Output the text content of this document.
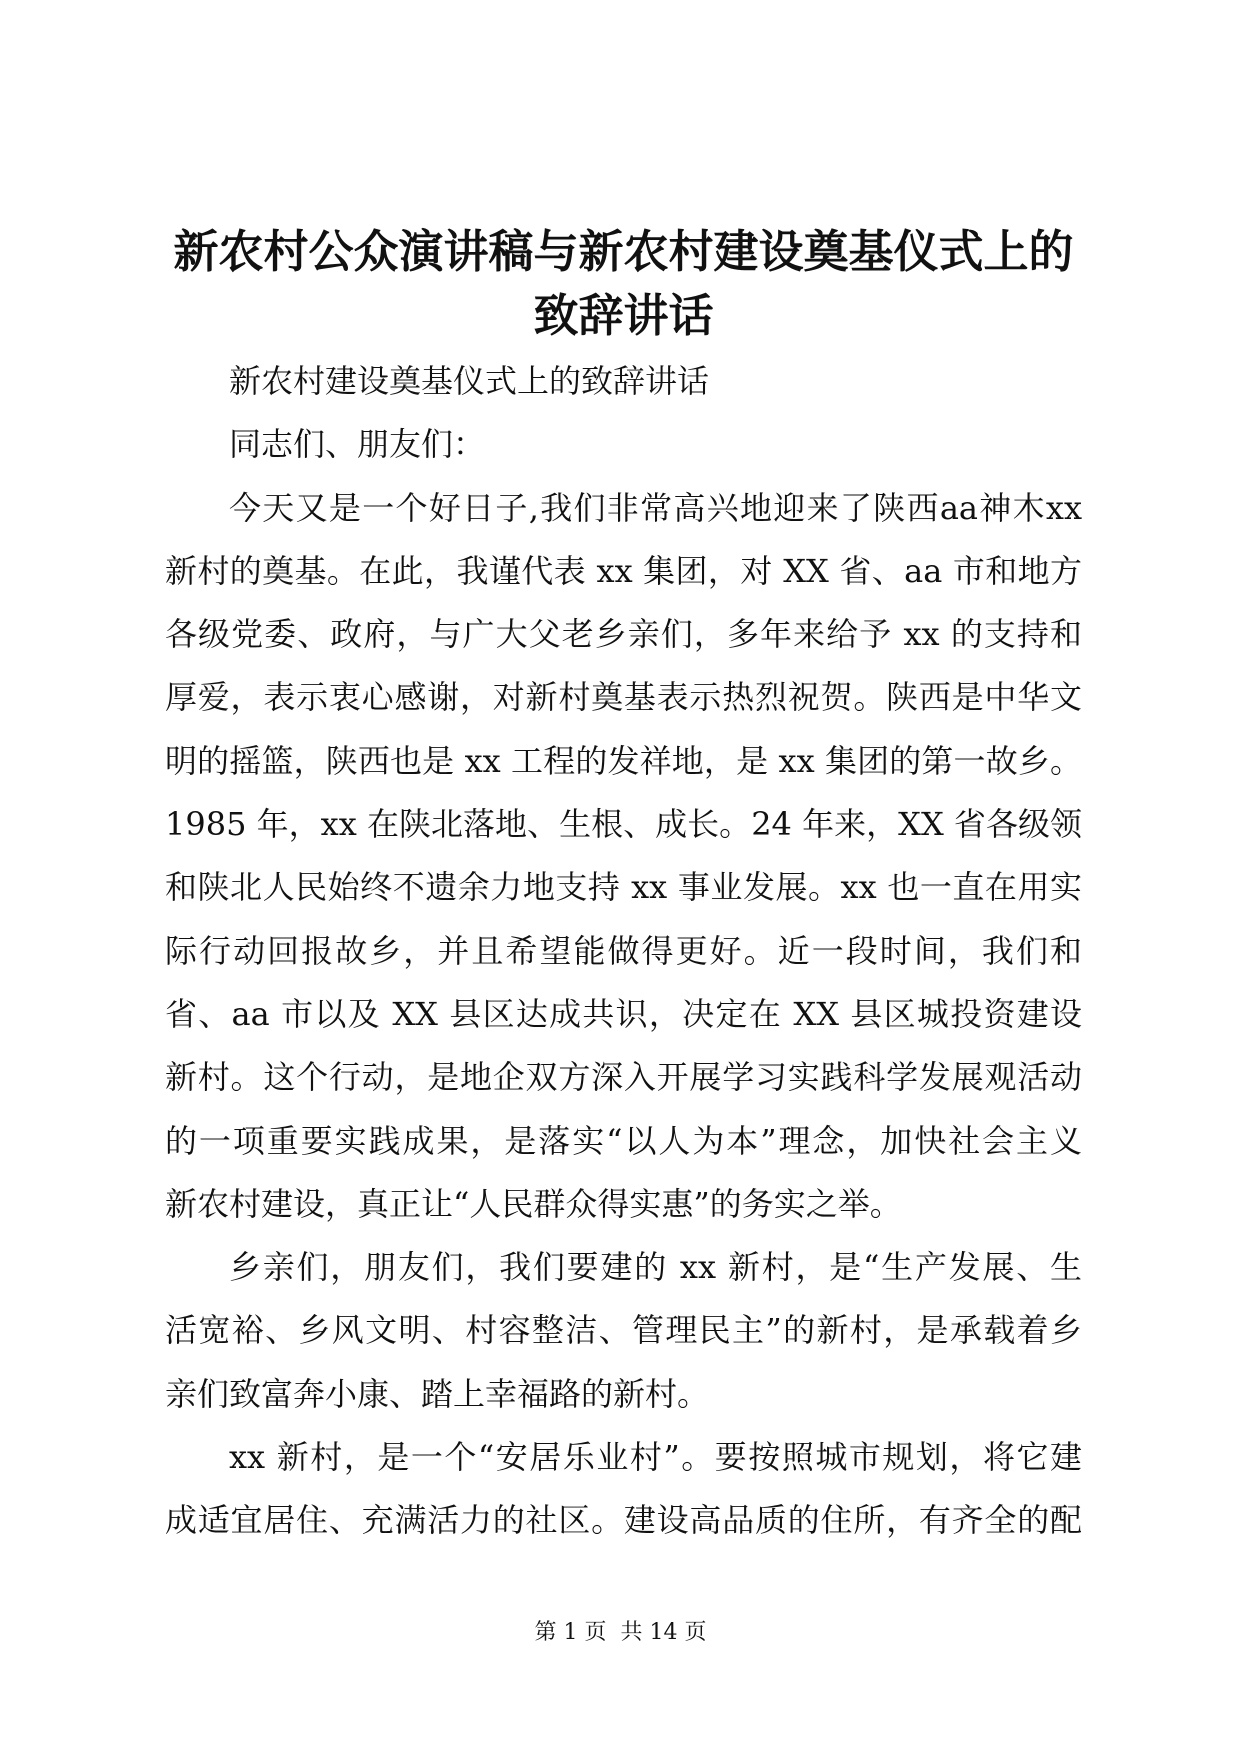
新农村公众演讲稿与新农村建设奠基仪式上的
致辞讲话
新农村建设奠基仪式上的致辞讲话
同志们、朋友们：
今天又是一个好日子,我们非常高兴地迎来了陕西aa神木xx
新村的奠基。在此，我谨代表 xx 集团，对 XX 省、aa 市和地方
各级党委、政府，与广大父老乡亲们，多年来给予 xx 的支持和
厚爱，表示衷心感谢，对新村奠基表示热烈祝贺。陕西是中华文
明的摇篮，陕西也是 xx 工程的发祥地，是 xx 集团的第一故乡。
1985 年，xx 在陕北落地、生根、成长。24 年来，XX 省各级领
和陕北人民始终不遗余力地支持 xx 事业发展。xx 也一直在用实
际行动回报故乡，并且希望能做得更好。近一段时间，我们和
省、aa 市以及 XX 县区达成共识，决定在 XX 县区城投资建设
新村。这个行动，是地企双方深入开展学习实践科学发展观活动
的一项重要实践成果，是落实“以人为本”理念，加快社会主义
新农村建设，真正让“人民群众得实惠”的务实之举。
乡亲们，朋友们，我们要建的 xx 新村，是“生产发展、生
活宽裕、乡风文明、村容整洁、管理民主”的新村，是承载着乡
亲们致富奔小康、踏上幸福路的新村。
xx 新村，是一个“安居乐业村”。要按照城市规划，将它建
成适宜居住、充满活力的社区。建设高品质的住所，有齐全的配
第 1 页  共 14 页
